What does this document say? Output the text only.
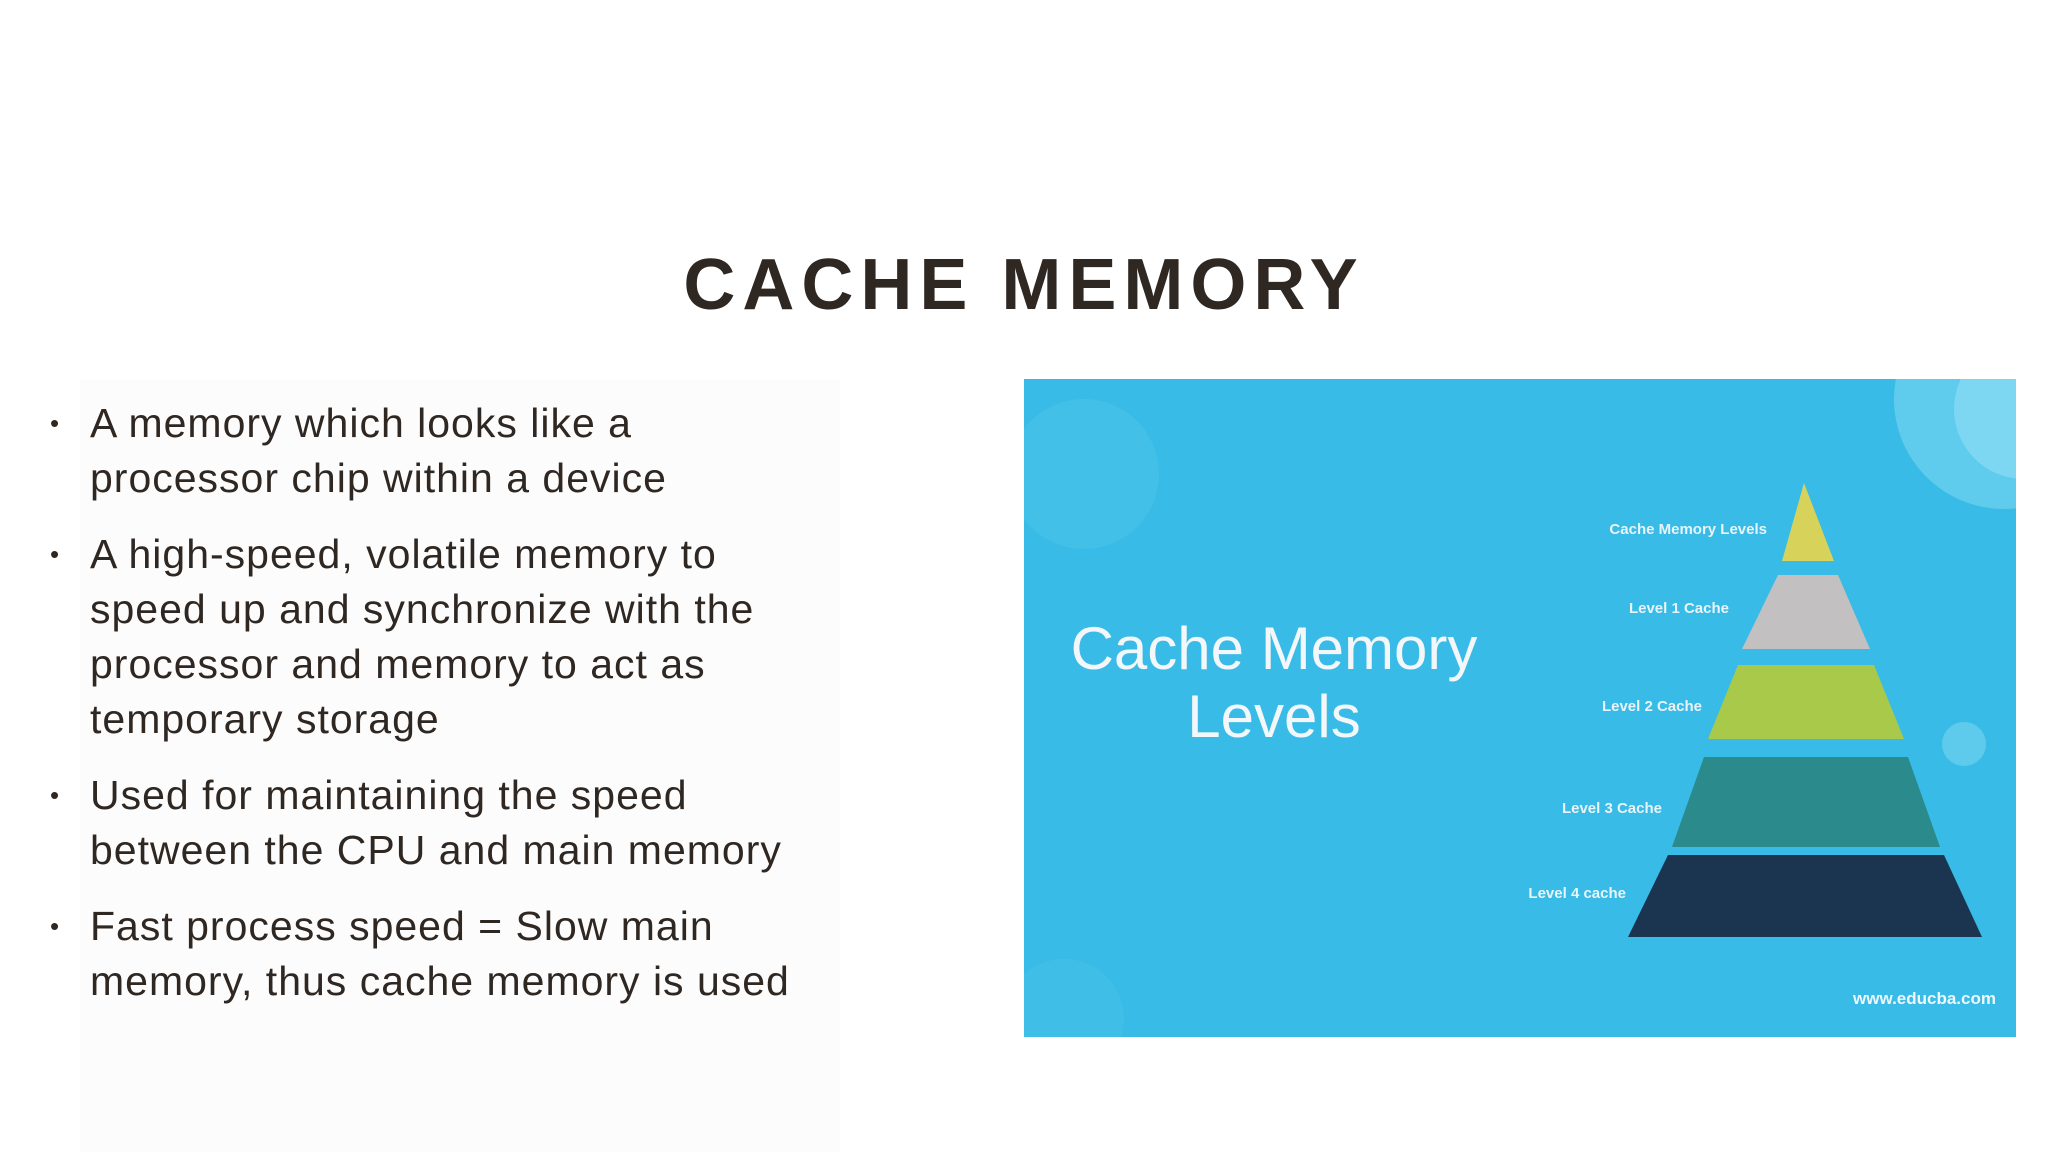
CACHE MEMORY
• A memory which looks like a processor chip within a device
• A high-speed, volatile memory to speed up and synchronize with the processor and memory to act as temporary storage
• Used for maintaining the speed between the CPU and main memory
• Fast process speed = Slow main memory, thus cache memory is used
Cache Memory
Levels
Cache Memory Levels
Level 1 Cache
Level 2 Cache
Level 3 Cache
Level 4 cache
www.educba.com
